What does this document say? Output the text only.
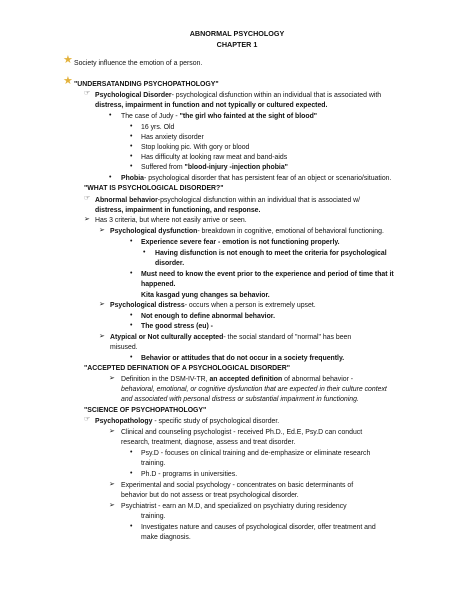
ABNORMAL PSYCHOLOGY
CHAPTER 1
★ Society influence the emotion of a person.
★ "UNDERSATANDING PSYCHOPATHOLOGY"
☞ Psychological Disorder- psychological disfunction within an individual that is associated with
distress, impairment in function and not typically or cultured expected.
• The case of Judy - "the girl who fainted at the sight of blood"
• 16 yrs. Old
• Has anxiety disorder
• Stop looking pic. With gory or blood
• Has difficulty at looking raw meat and band-aids
• Suffered from "blood-injury -injection phobia"
• Phobia- psychological disorder that has persistent fear of an object or scenario/situation.
"WHAT IS PSYCHOLOGICAL DISORDER?"
☞ Abnormal behavior-psychological disfunction within an individual that is associated w/
distress, impairment in functioning, and response.
➢ Has 3 criteria, but where not easily arrive or seen.
➢ Psychological dysfunction- breakdown in cognitive, emotional of behavioral functioning.
• Experience severe fear - emotion is not functioning properly.
• Having disfunction is not enough to meet the criteria for psychological
disorder.
• Must need to know the event prior to the experience and period of time that it
happened.
Kita kasgad yung changes sa behavior.
➢ Psychological distress- occurs when a person is extremely upset.
• Not enough to define abnormal behavior.
• The good stress (eu) -
➢ Atypical or Not culturally accepted- the social standard of "normal" has been
misused.
• Behavior or attitudes that do not occur in a society frequently.
"ACCEPTED DEFINATION OF A PSYCHOLOGICAL DISORDER"
➢ Definition in the DSM-IV-TR, an accepted definition of abnormal behavior -
behavioral, emotional, or cognitive dysfunction that are expected in their culture context
and associated with personal distress or substantial impairment in functioning.
"SCIENCE OF PSYCHOPATHOLOGY"
☞ Psychopathology - specific study of psychological disorder.
➢ Clinical and counseling psychologist - received Ph.D., Ed.E, Psy.D can conduct
research, treatment, diagnose, assess and treat disorder.
• Psy.D - focuses on clinical training and de-emphasize or eliminate research
training.
• Ph.D - programs in universities.
➢ Experimental and social psychology - concentrates on basic determinants of
behavior but do not assess or treat psychological disorder.
➢ Psychiatrist - earn an M.D, and specialized on psychiatry during residency
training.
• Investigates nature and causes of psychological disorder, offer treatment and
make diagnosis.
